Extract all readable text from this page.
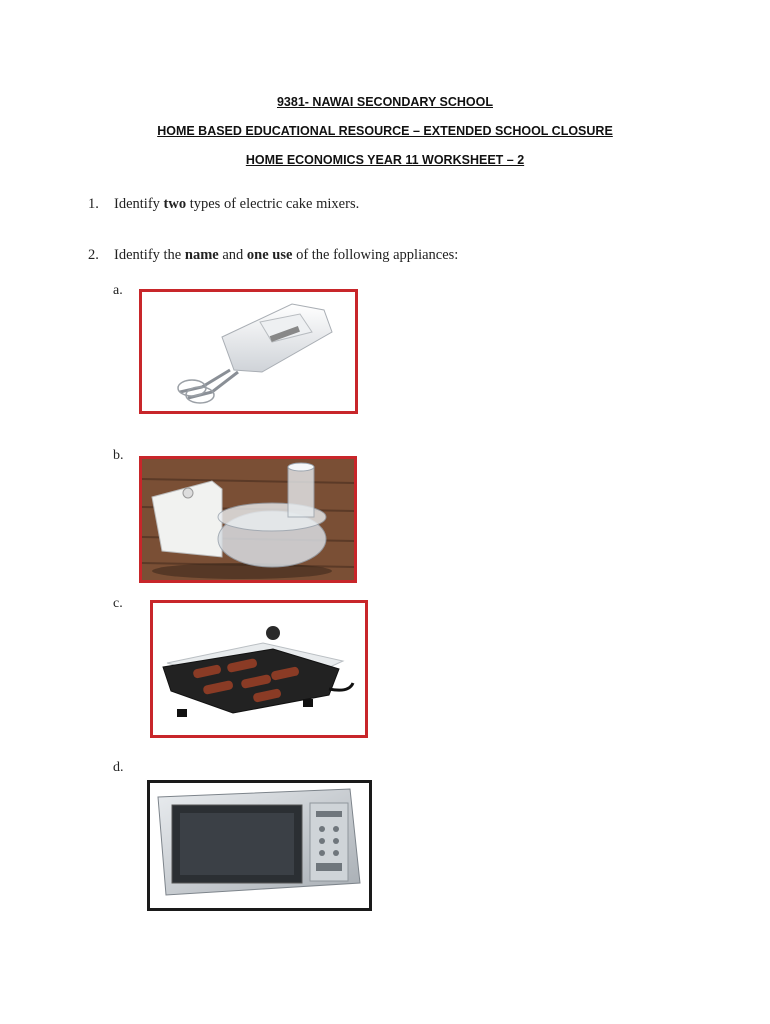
9381- NAWAI SECONDARY SCHOOL
HOME BASED EDUCATIONAL RESOURCE – EXTENDED SCHOOL CLOSURE
HOME ECONOMICS YEAR 11 WORKSHEET – 2
1. Identify two types of electric cake mixers.
2. Identify the name and one use of the following appliances:
a.
b.
c.
d.
